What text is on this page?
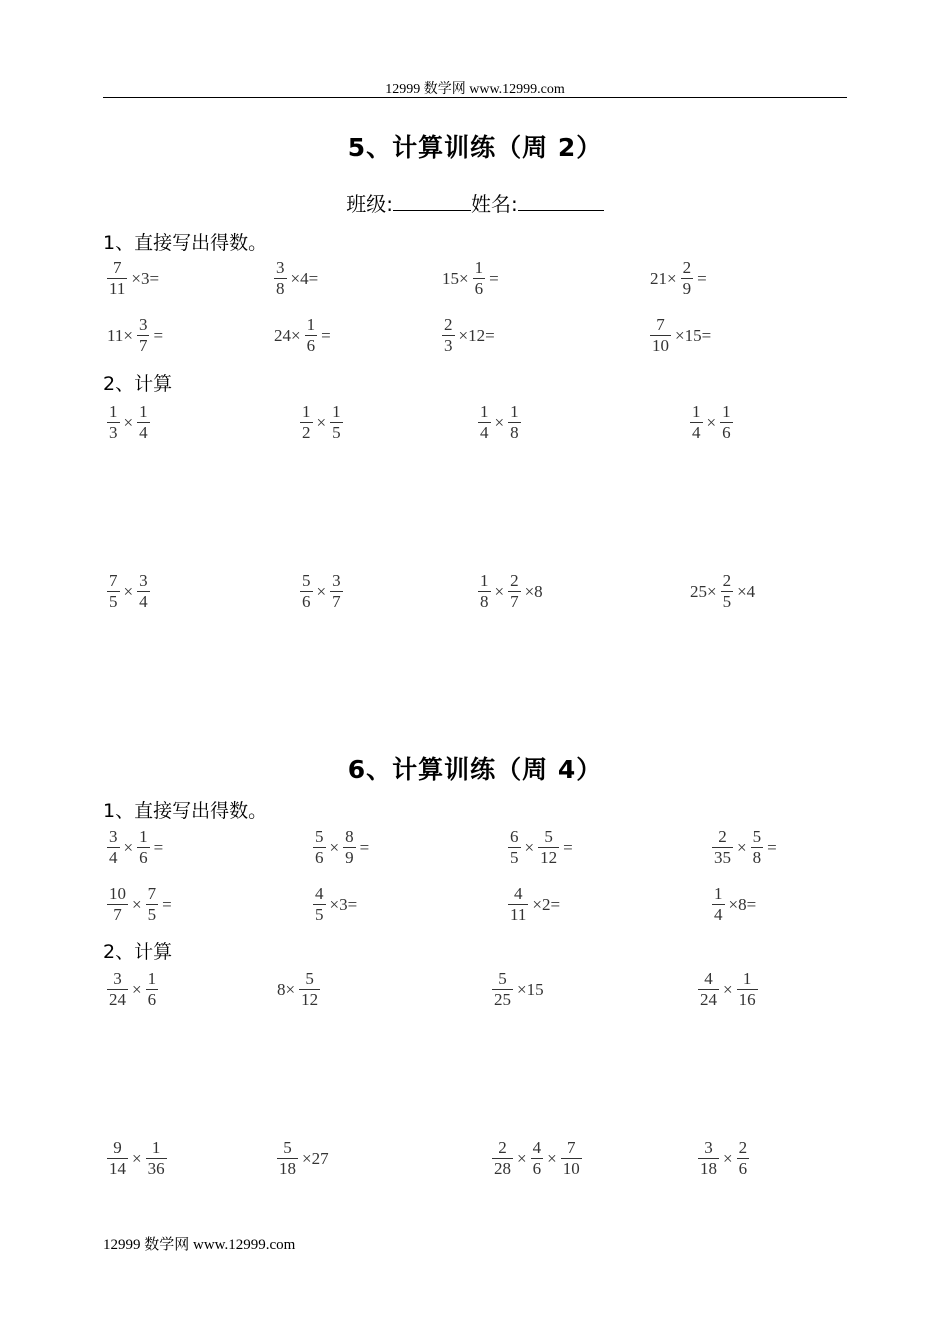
12999 数学网 www.12999.com
5、计算训练（周 2）
班级:	姓名:
1、直接写出得数。
2、计算
6、计算训练（周 4）
1、直接写出得数。
2、计算
$\frac{7}{11} \times 3=$	$\frac{3}{8} \times 4=$	$15\times \frac{1}{6}$ =	$21\times \frac{2}{9}$ =
$11\times \frac{3}{7}$ =	$24\times \frac{1}{6}$ =	$\frac{2}{3} \times 12=$	$\frac{7}{10} \times 15=$
$\frac{1}{3} \times \frac{1}{4}$	$\frac{1}{2} \times \frac{1}{5}$	$\frac{1}{4} \times \frac{1}{8}$	$\frac{1}{4} \times \frac{1}{6}$
$\frac{7}{5} \times \frac{3}{4}$	$\frac{5}{6} \times \frac{3}{7}$	$\frac{1}{8} \times \frac{2}{7} \times 8$	$25\times \frac{2}{5} \times 4$
$\frac{3}{4} \times \frac{1}{6}$ =	$\frac{5}{6} \times \frac{8}{9}$ =	$\frac{6}{5} \times \frac{5}{12}$ =	$\frac{2}{35} \times \frac{5}{8}$ =
$\frac{10}{7} \times \frac{7}{5}$ =	$\frac{4}{5} \times 3=$	$\frac{4}{11} \times 2=$	$\frac{1}{4} \times 8=$
$\frac{3}{24} \times \frac{1}{6}$	$8\times \frac{5}{12}$	$\frac{5}{25} \times 15$	$\frac{4}{24} \times \frac{1}{16}$
$\frac{9}{14} \times \frac{1}{36}$	$\frac{5}{18} \times 27$	$\frac{2}{28} \times \frac{4}{6} \times \frac{7}{10}$	$\frac{3}{18} \times \frac{2}{6}$
12999 数学网 www.12999.com
